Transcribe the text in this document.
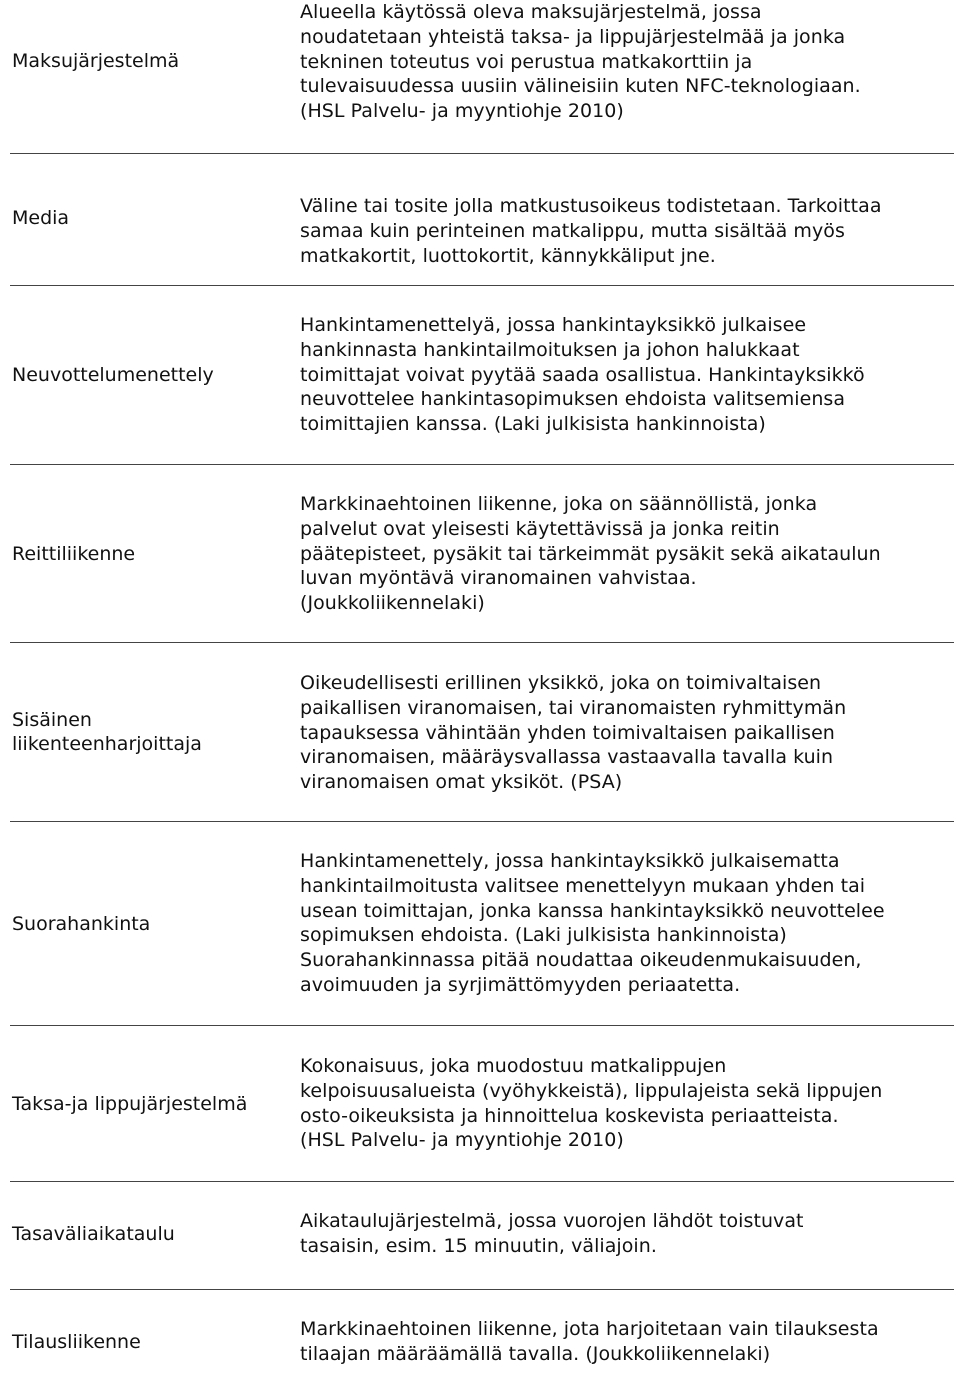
Maksujärjestelmä
Alueella käytössä oleva maksujärjestelmä, jossa
noudatetaan yhteistä taksa- ja lippujärjestelmää ja jonka
tekninen toteutus voi perustua matkakorttiin ja
tulevaisuudessa uusiin välineisiin kuten NFC-teknologiaan.
(HSL Palvelu- ja myyntiohje 2010)
Media
Väline tai tosite jolla matkustusoikeus todistetaan. Tarkoittaa
samaa kuin perinteinen matkalippu, mutta sisältää myös
matkakortit, luottokortit, kännykkäliput jne.
Neuvottelumenettely
Hankintamenettelyä, jossa hankintayksikkö julkaisee
hankinnasta hankintailmoituksen ja johon halukkaat
toimittajat voivat pyytää saada osallistua. Hankintayksikkö
neuvottelee hankintasopimuksen ehdoista valitsemiensa
toimittajien kanssa. (Laki julkisista hankinnoista)
Reittiliikenne
Markkinaehtoinen liikenne, joka on säännöllistä, jonka
palvelut ovat yleisesti käytettävissä ja jonka reitin
päätepisteet, pysäkit tai tärkeimmät pysäkit sekä aikataulun
luvan myöntävä viranomainen vahvistaa.
(Joukkoliikennelaki)
Sisäinen
liikenteenharjoittaja
Oikeudellisesti erillinen yksikkö, joka on toimivaltaisen
paikallisen viranomaisen, tai viranomaisten ryhmittymän
tapauksessa vähintään yhden toimivaltaisen paikallisen
viranomaisen, määräysvallassa vastaavalla tavalla kuin
viranomaisen omat yksiköt. (PSA)
Suorahankinta
Hankintamenettely, jossa hankintayksikkö julkaisematta
hankintailmoitusta valitsee menettelyyn mukaan yhden tai
usean toimittajan, jonka kanssa hankintayksikkö neuvottelee
sopimuksen ehdoista. (Laki julkisista hankinnoista)
Suorahankinnassa pitää noudattaa oikeudenmukaisuuden,
avoimuuden ja syrjimättömyyden periaatetta.
Taksa-ja lippujärjestelmä
Kokonaisuus, joka muodostuu matkalippujen
kelpoisuusalueista (vyöhykkeistä), lippulajeista sekä lippujen
osto-oikeuksista ja hinnoittelua koskevista periaatteista.
(HSL Palvelu- ja myyntiohje 2010)
Tasaväliaikataulu
Aikataulujärjestelmä, jossa vuorojen lähdöt toistuvat
tasaisin, esim. 15 minuutin, väliajoin.
Tilausliikenne
Markkinaehtoinen liikenne, jota harjoitetaan vain tilauksesta
tilaajan määräämällä tavalla. (Joukkoliikennelaki)
